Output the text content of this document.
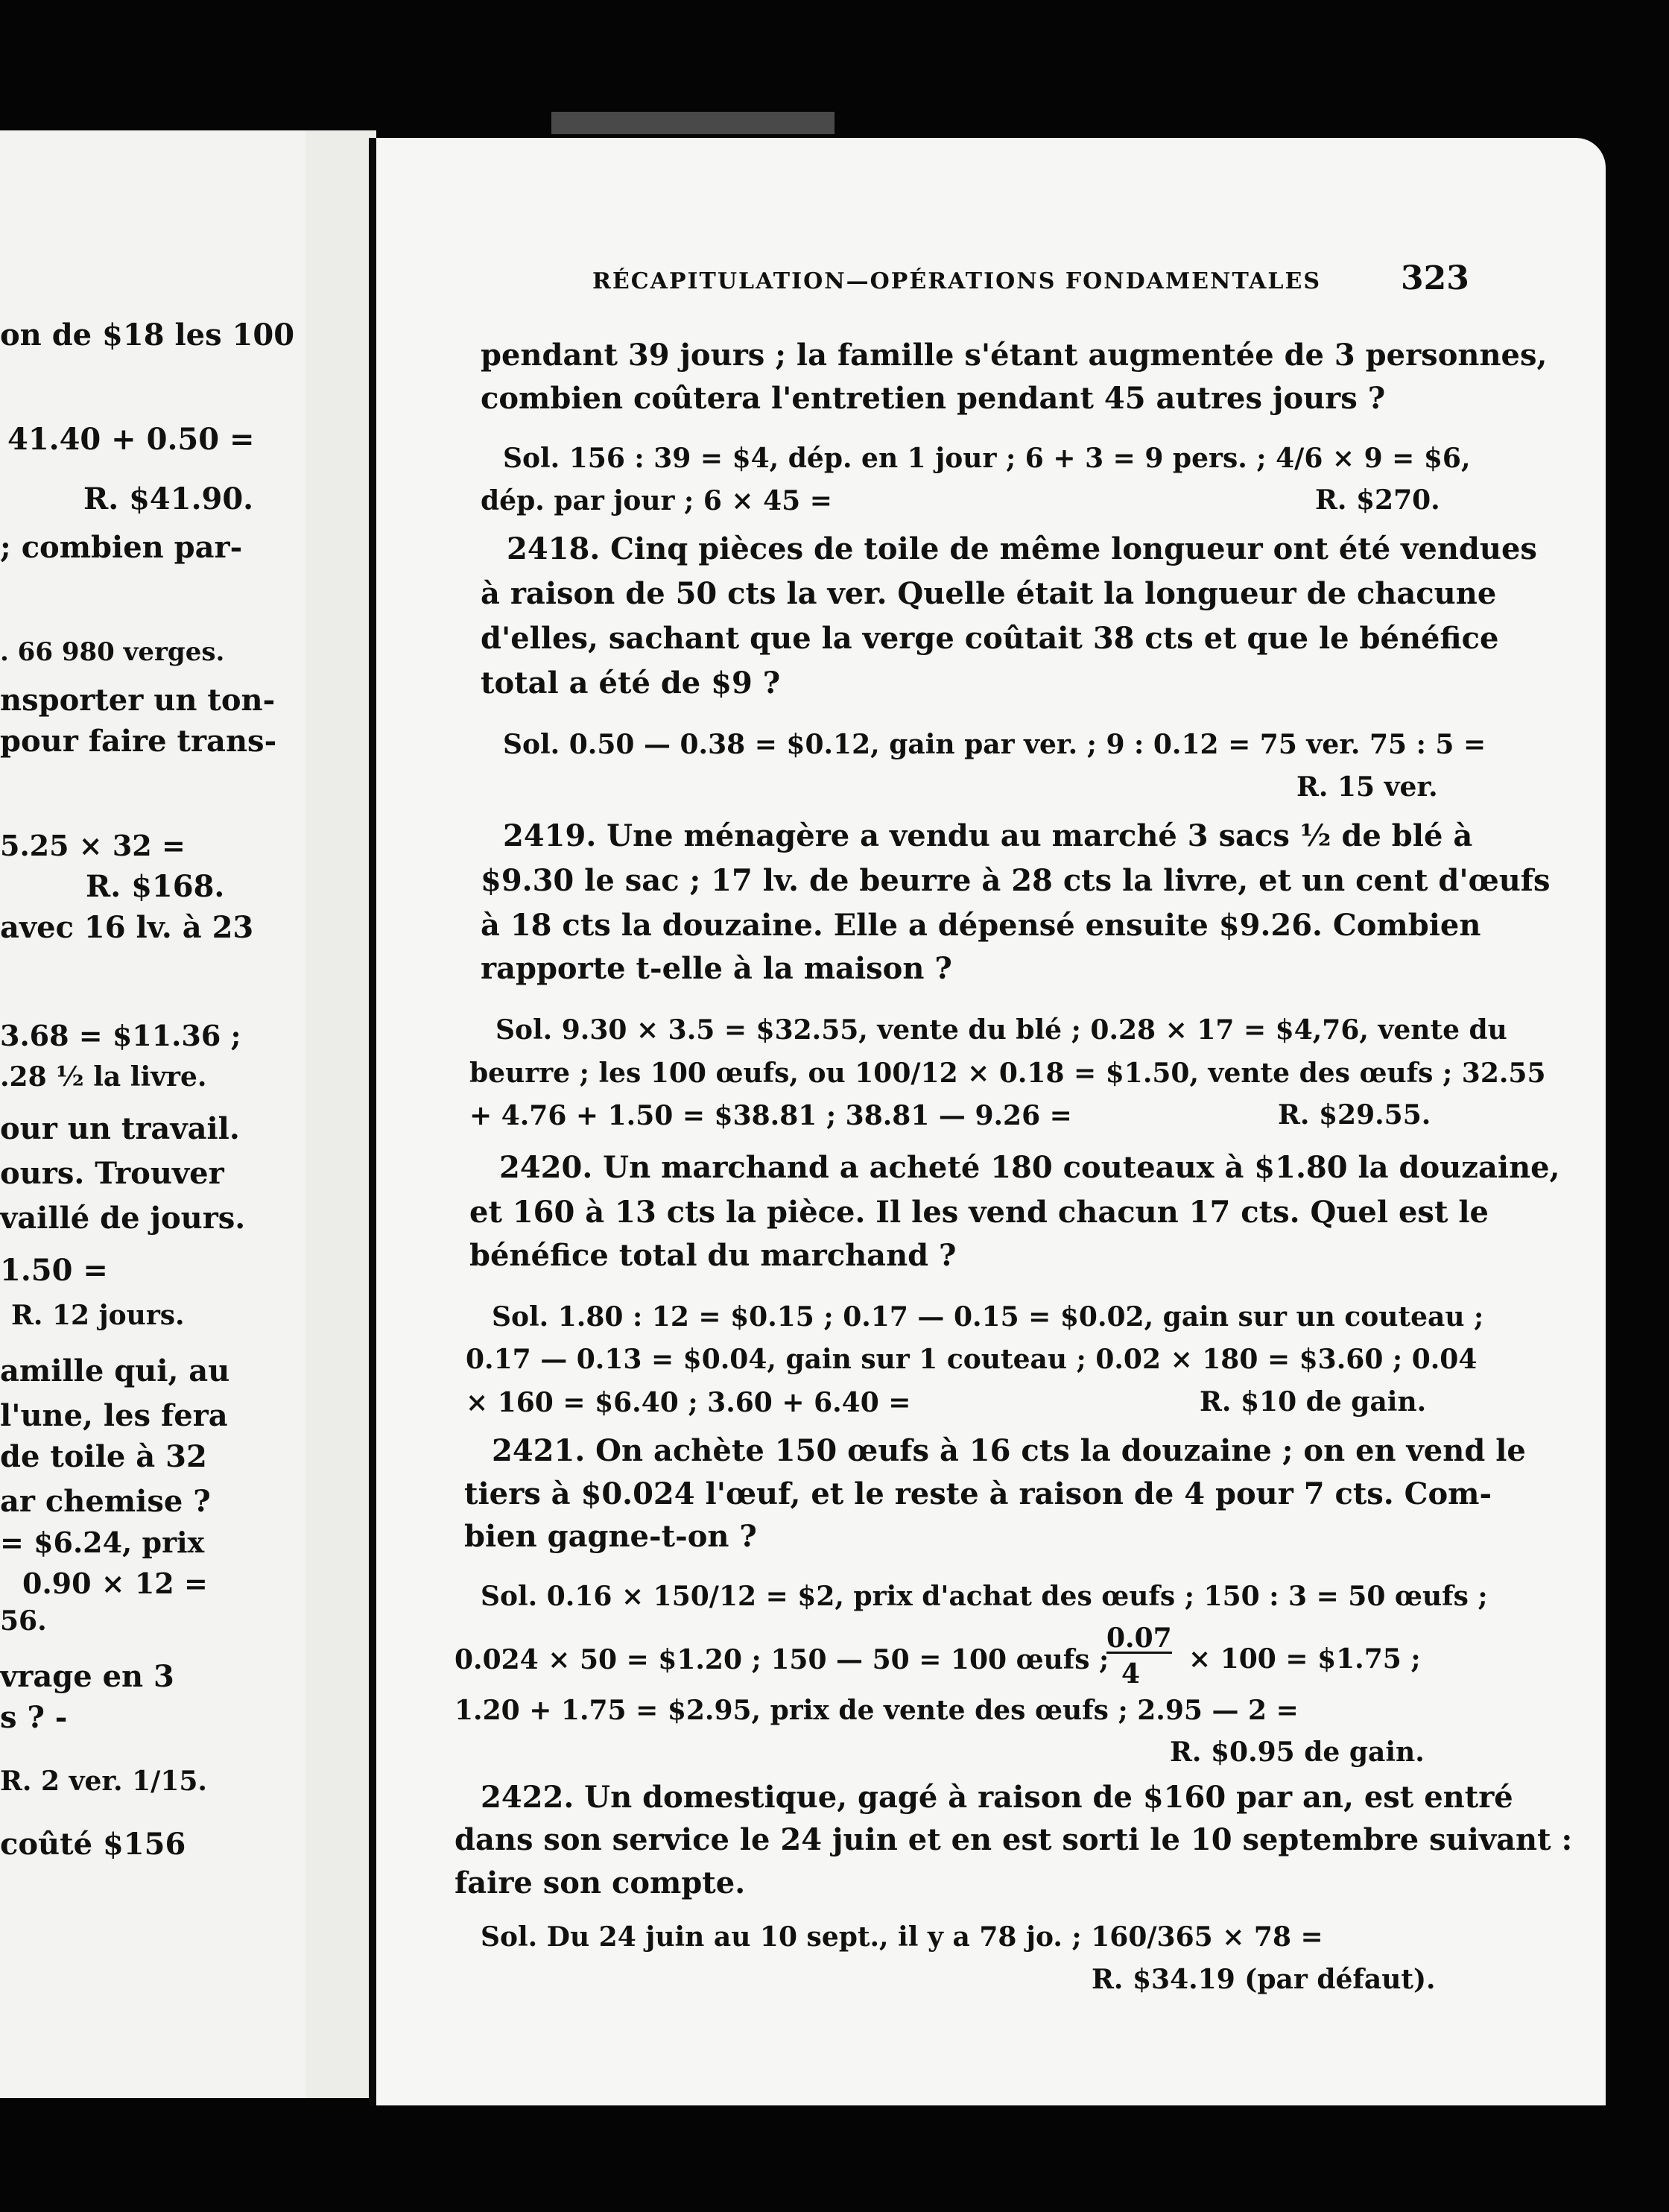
on de $18 les 100
41.40 + 0.50 =
R. $41.90.
; combien par-
. 66 980 verges.
nsporter un ton-
pour faire trans-
5.25 × 32 =
R. $168.
avec 16 lv. à 23
3.68 = $11.36 ;
.28 ½ la livre.
our un travail.
ours. Trouver
vaillé de jours.
1.50 =
R. 12 jours.
amille qui, au
l'une, les fera
de toile à 32
ar chemise ?
= $6.24, prix
0.90 × 12 =
56.
vrage en 3
s ? -
R. 2 ver. 1/15.
coûté $156
RÉCAPITULATION—OPÉRATIONS FONDAMENTALES 323
pendant 39 jours ; la famille s'étant augmentée de 3 personnes,
combien coûtera l'entretien pendant 45 autres jours ?
Sol. 156 : 39 = $4, dép. en 1 jour ; 6 + 3 = 9 pers. ; 4/6 × 9 = $6,
dép. par jour ; 6 × 45 =	R. $270.
2418. Cinq pièces de toile de même longueur ont été vendues
à raison de 50 cts la ver. Quelle était la longueur de chacune
d'elles, sachant que la verge coûtait 38 cts et que le bénéfice
total a été de $9 ?
Sol. 0.50 — 0.38 = $0.12, gain par ver. ; 9 : 0.12 = 75 ver. 75 : 5 =
R. 15 ver.
2419. Une ménagère a vendu au marché 3 sacs ½ de blé à
$9.30 le sac ; 17 lv. de beurre à 28 cts la livre, et un cent d'œufs
à 18 cts la douzaine. Elle a dépensé ensuite $9.26. Combien
rapporte t-elle à la maison ?
Sol. 9.30 × 3.5 = $32.55, vente du blé ; 0.28 × 17 = $4,76, vente du
beurre ; les 100 œufs, ou 100/12 × 0.18 = $1.50, vente des œufs ; 32.55
+ 4.76 + 1.50 = $38.81 ; 38.81 — 9.26 =	R. $29.55.
2420. Un marchand a acheté 180 couteaux à $1.80 la douzaine,
et 160 à 13 cts la pièce. Il les vend chacun 17 cts. Quel est le
bénéfice total du marchand ?
Sol. 1.80 : 12 = $0.15 ; 0.17 — 0.15 = $0.02, gain sur un couteau ;
0.17 — 0.13 = $0.04, gain sur 1 couteau ; 0.02 × 180 = $3.60 ; 0.04
× 160 = $6.40 ; 3.60 + 6.40 =	R. $10 de gain.
2421. On achète 150 œufs à 16 cts la douzaine ; on en vend le
tiers à $0.024 l'œuf, et le reste à raison de 4 pour 7 cts. Com-
bien gagne-t-on ?
Sol. 0.16 × 150/12 = $2, prix d'achat des œufs ; 150 : 3 = 50 œufs ;
0.024 × 50 = $1.20 ; 150 — 50 = 100 œufs ;
0.07
4 × 100 = $1.75 ;
1.20 + 1.75 = $2.95, prix de vente des œufs ; 2.95 — 2 =
R. $0.95 de gain.
2422. Un domestique, gagé à raison de $160 par an, est entré
dans son service le 24 juin et en est sorti le 10 septembre suivant :
faire son compte.
Sol. Du 24 juin au 10 sept., il y a 78 jo. ; 160/365 × 78 =
R. $34.19 (par défaut).
